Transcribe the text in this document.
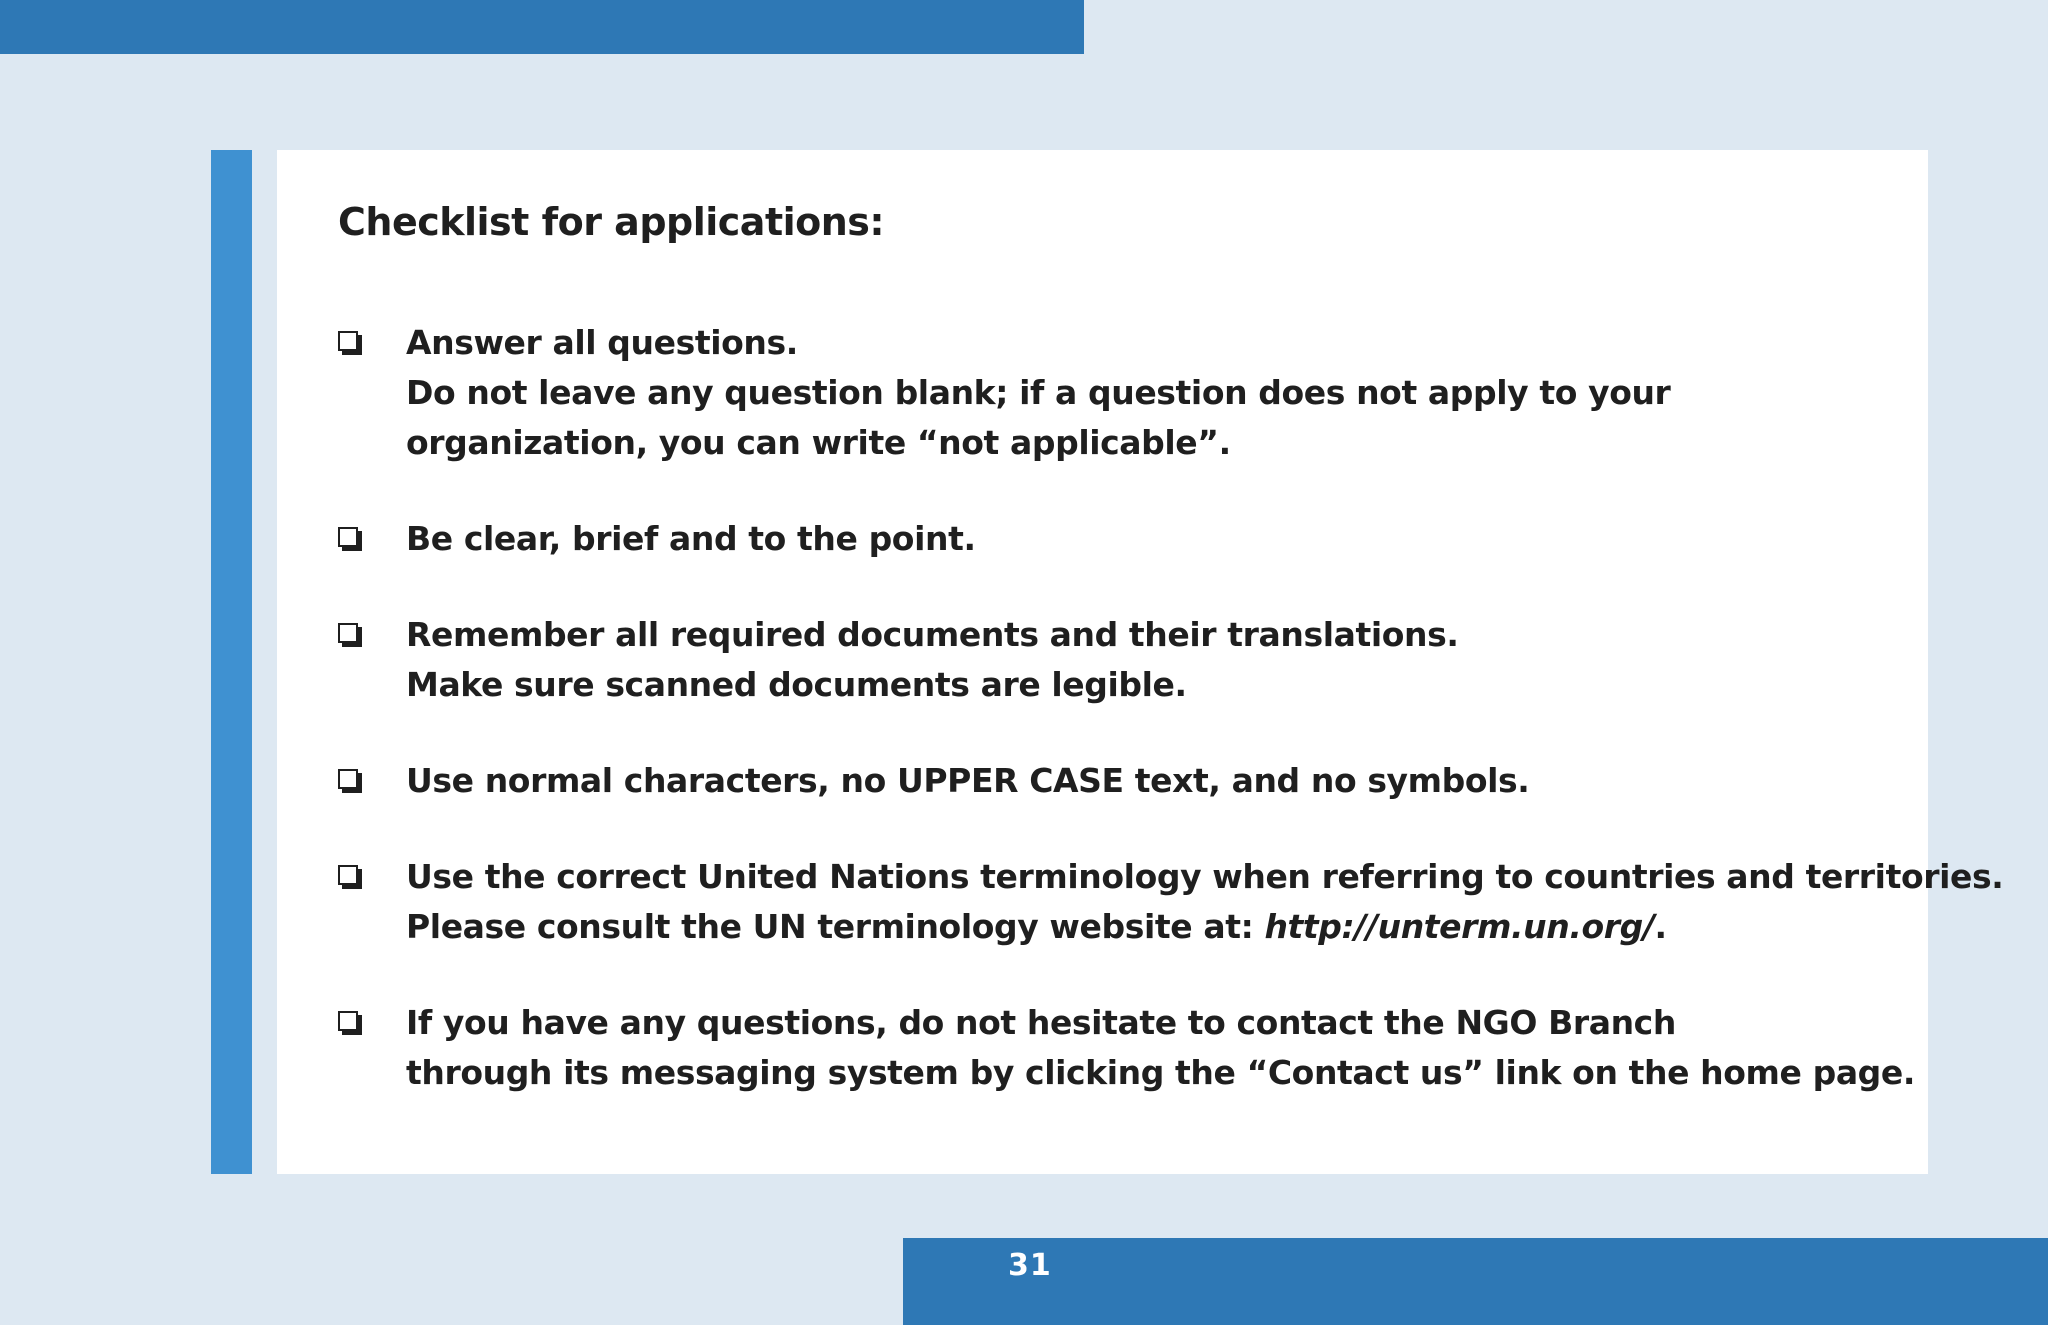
Checklist for applications:
Answer all questions.
Do not leave any question blank; if a question does not apply to your
organization, you can write “not applicable”.
Be clear, brief and to the point.
Remember all required documents and their translations.
Make sure scanned documents are legible.
Use normal characters, no UPPER CASE text, and no symbols.
Use the correct United Nations terminology when referring to countries and territories.
Please consult the UN terminology website at: http://unterm.un.org/.
If you have any questions, do not hesitate to contact the NGO Branch
through its messaging system by clicking the “Contact us” link on the home page.
31
